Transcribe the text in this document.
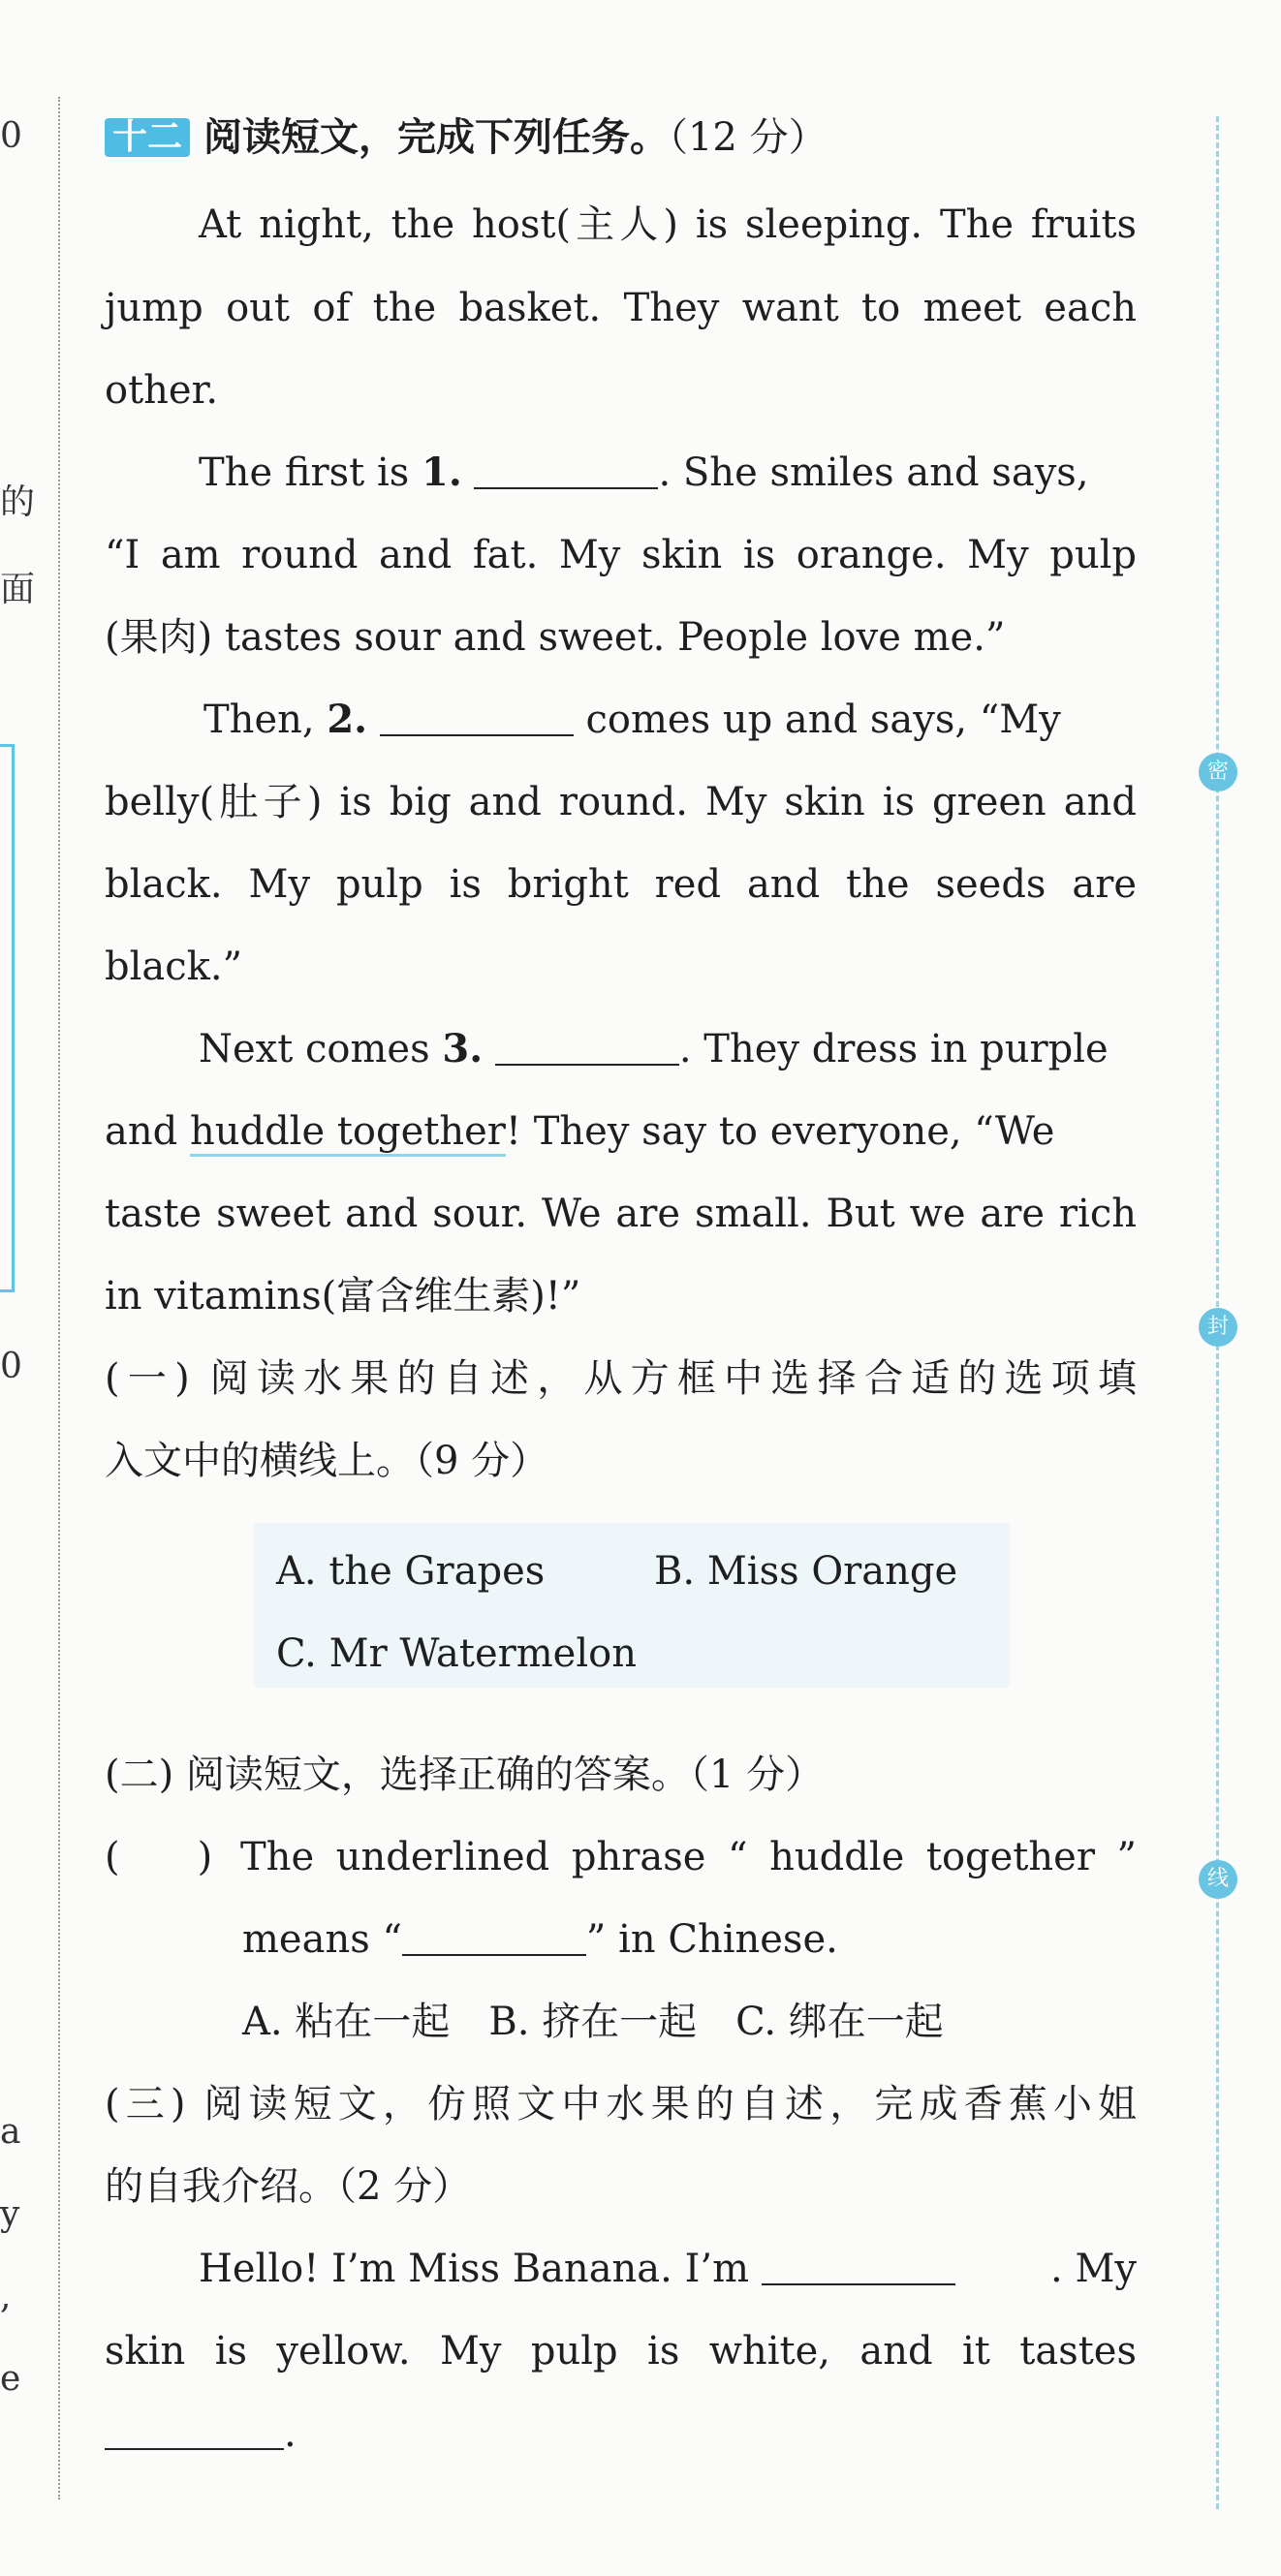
0
的
面
0
a
y
,
e
密
封
线
十二 阅读短文，完成下列任务。（12 分）
At night, the host(主人) is sleeping. The fruits
jump out of the basket. They want to meet each
other.
The first is 1.	. She smiles and says,
“I am round and fat. My skin is orange. My pulp
(果肉) tastes sour and sweet. People love me.”
Then, 2.	comes up and says, “My
belly(肚子) is big and round. My skin is green and
black. My pulp is bright red and the seeds are
black.”
Next comes 3.	. They dress in purple
and huddle together! They say to everyone, “We
taste sweet and sour. We are small. But we are rich
in vitamins(富含维生素)!”
(一) 阅读水果的自述，从方框中选择合适的选项填
入文中的横线上。（9 分）
A. the Grapes	B. Miss Orange
C. Mr Watermelon
(二) 阅读短文，选择正确的答案。（1 分）
(　　) The underlined phrase “ huddle together ”
means “	” in Chinese.
A. 粘在一起　B. 挤在一起　C. 绑在一起
(三) 阅读短文，仿照文中水果的自述，完成香蕉小姐
的自我介绍。（2 分）
Hello! I’m Miss Banana. I’m	. My
skin is yellow. My pulp is white, and it tastes
.
